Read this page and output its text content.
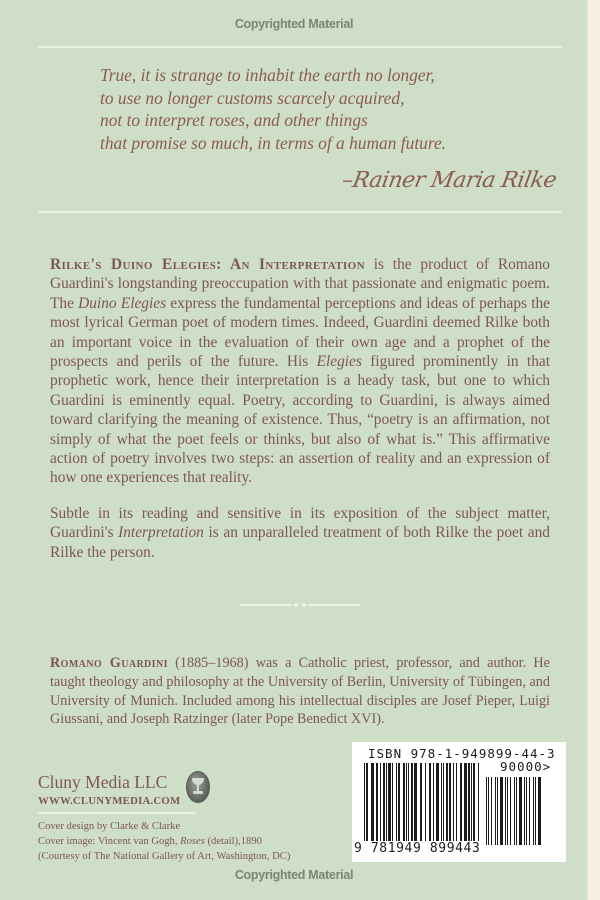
Copyrighted Material
True, it is strange to inhabit the earth no longer,
to use no longer customs scarcely acquired,
not to interpret roses, and other things
that promise so much, in terms of a human future.
–Rainer Maria Rilke
Rilke's Duino Elegies: An Interpretation is the product of Romano Guardini's longstanding preoccupation with that passionate and enigmatic poem. The Duino Elegies express the fundamental perceptions and ideas of perhaps the most lyrical German poet of modern times. Indeed, Guardini deemed Rilke both an important voice in the evaluation of their own age and a prophet of the prospects and perils of the future. His Elegies figured prominently in that prophetic work, hence their interpretation is a heady task, but one to which Guardini is eminently equal. Poetry, according to Guardini, is always aimed toward clarifying the meaning of existence. Thus, “poetry is an affirmation, not simply of what the poet feels or thinks, but also of what is.” This affirmative action of poetry involves two steps: an assertion of reality and an expression of how one experiences that reality.
Subtle in its reading and sensitive in its exposition of the subject matter, Guardini's Interpretation is an unparalleled treatment of both Rilke the poet and Rilke the person.
Romano Guardini (1885–1968) was a Catholic priest, professor, and author. He taught theology and philosophy at the University of Berlin, University of Tübingen, and University of Munich. Included among his intellectual disciples are Josef Pieper, Luigi Giussani, and Joseph Ratzinger (later Pope Benedict XVI).
Cluny Media LLC
WWW.CLUNYMEDIA.COM
Cover design by Clarke & Clarke
Cover image: Vincent van Gogh, Roses (detail),1890
(Courtesy of The National Gallery of Art, Washington, DC)
ISBN 978-1-949899-44-3
90000>
9 781949 899443
Copyrighted Material
